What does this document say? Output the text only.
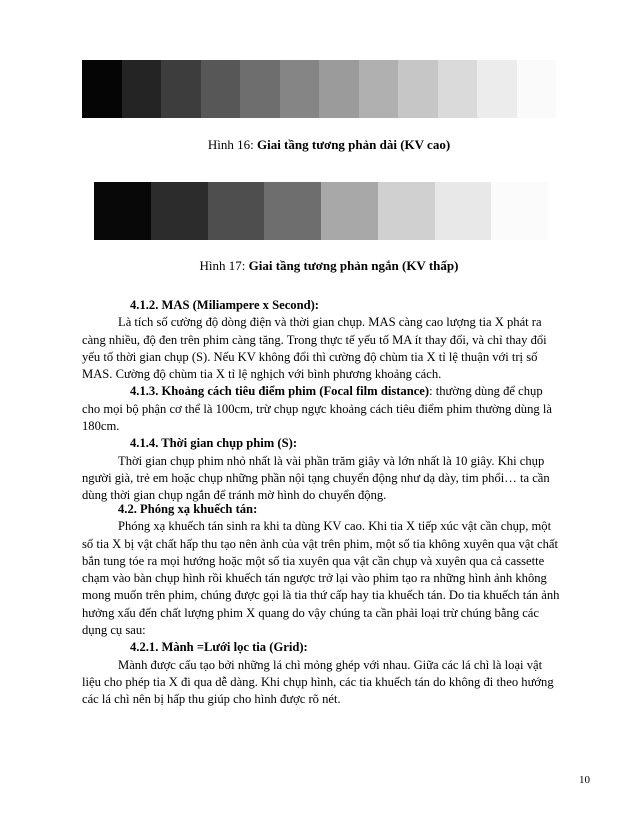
Hình 16: Giai tầng tương phản dài (KV cao)
Hình 17: Giai tầng tương phản ngắn (KV thấp)

4.1.2. MAS (Miliampere x Second):

Là tích số cường độ dòng điện và thời gian chụp. MAS càng cao lượng tia X phát ra càng nhiều, độ đen trên phim càng tăng. Trong thực tế yếu tố MA ít thay đổi, và chỉ thay đổi yếu tố thời gian chụp (S). Nếu KV không đổi thì cường độ chùm tia X tỉ lệ thuận với trị số MAS. Cường độ chùm tia X tỉ lệ nghịch với bình phương khoảng cách.

4.1.3. Khoảng cách tiêu điểm phim (Focal film distance): thường dùng để chụp cho mọi bộ phận cơ thể là 100cm, trừ chụp ngực khoảng cách tiêu điểm phim thường dùng là 180cm.

4.1.4. Thời gian chụp phim (S):

Thời gian chụp phim nhỏ nhất là vài phần trăm giây và lớn nhất là 10 giây. Khi chụp người già, trẻ em hoặc chụp những phần nội tạng chuyển động như dạ dày, tim phổi… ta cần dùng thời gian chụp ngắn để tránh mờ hình do chuyển động.

4.2. Phóng xạ khuếch tán:

Phóng xạ khuếch tán sinh ra khi ta dùng KV cao. Khi tia X tiếp xúc vật cần chụp, một số tia X bị vật chất hấp thu tạo nên ảnh của vật trên phim, một số tia không xuyên qua vật chất bắn tung tóe ra mọi hướng hoặc một số tia xuyên qua vật cần chụp và xuyên qua cả cassette chạm vào bàn chụp hình rồi khuếch tán ngược trở lại vào phim tạo ra những hình ảnh không mong muốn trên phim, chúng được gọi là tia thứ cấp hay tia khuếch tán. Do tia khuếch tán ảnh hưởng xấu đến chất lượng phim X quang do vậy chúng ta cần phải loại trừ chúng bằng các dụng cụ sau:

4.2.1. Mành =Lưới lọc tia (Grid):

Mành được cấu tạo bởi những lá chì mỏng ghép với nhau. Giữa các lá chì là loại vật liệu cho phép tia X đi qua dễ dàng. Khi chụp hình, các tia khuếch tán do không đi theo hướng các lá chì nên bị hấp thu giúp cho hình được rõ nét.

10
